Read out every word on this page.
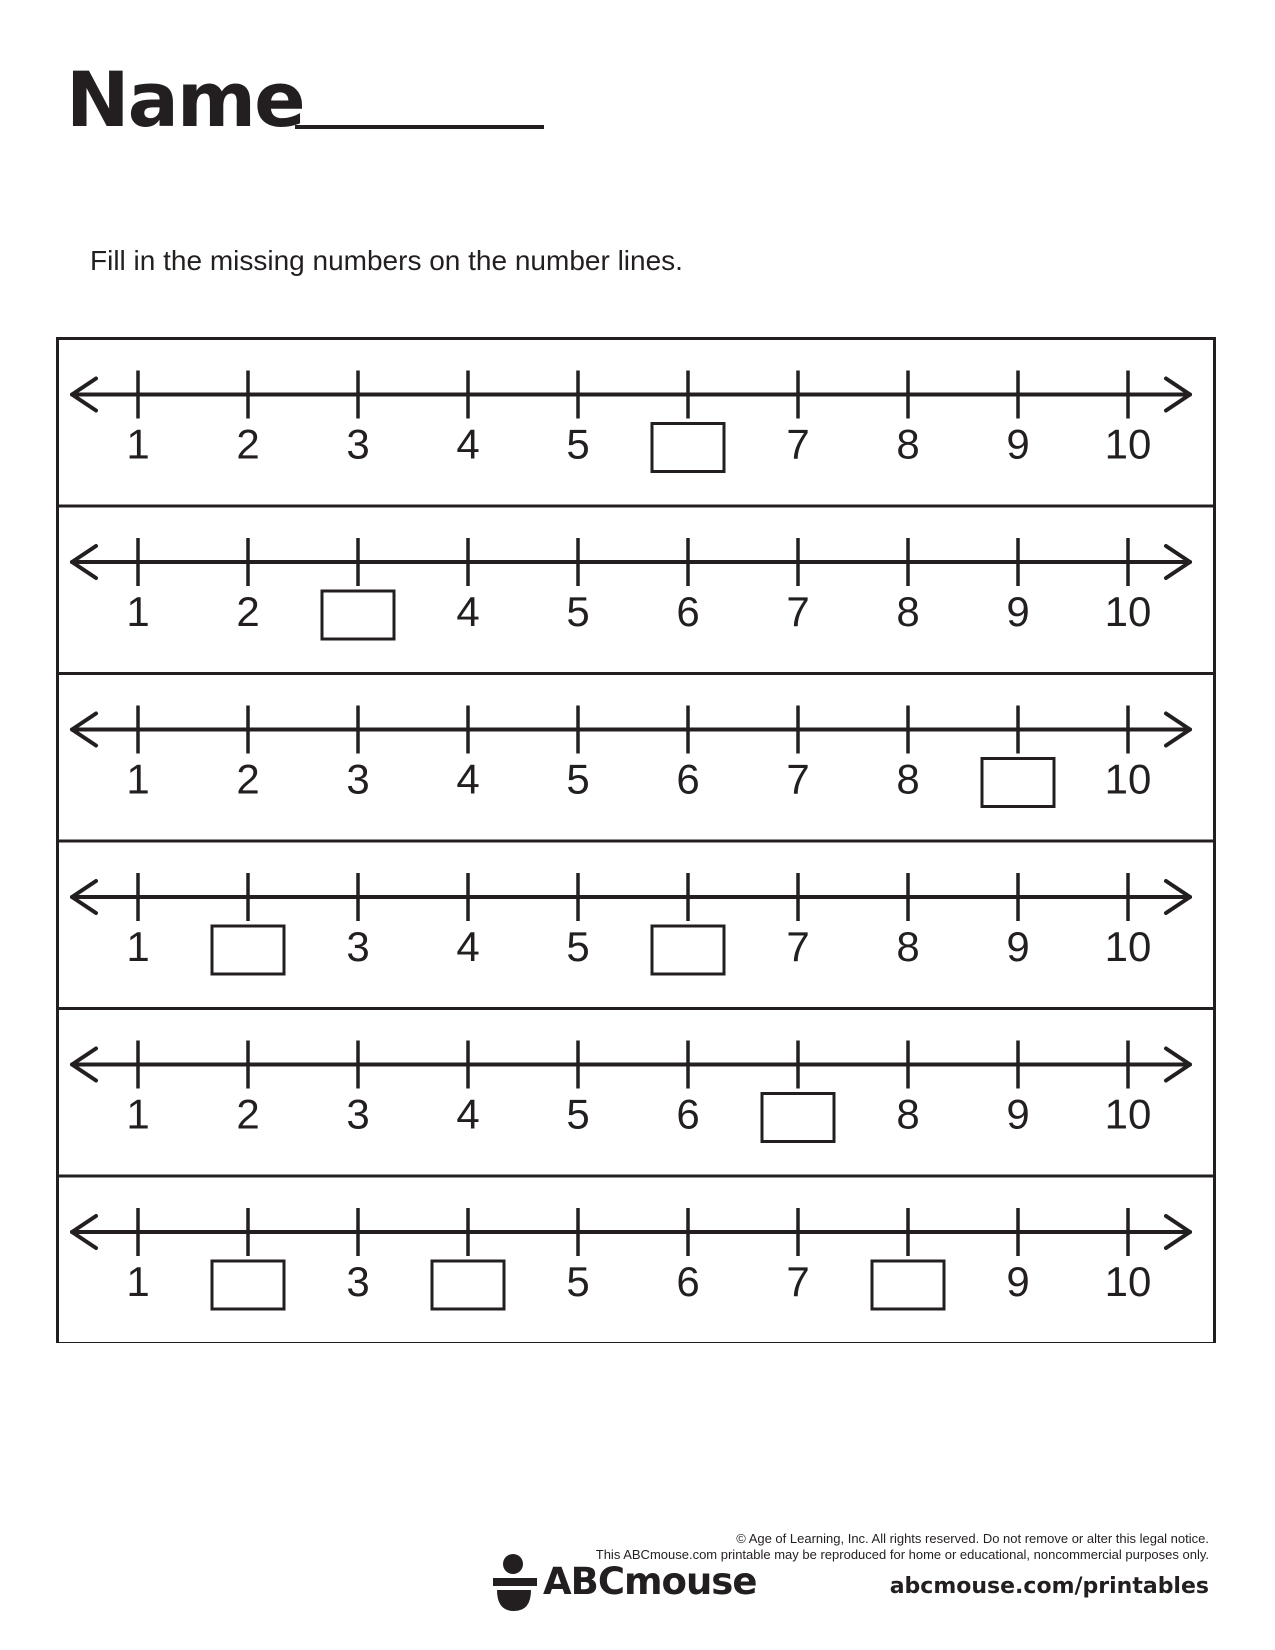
Name
Fill in the missing numbers on the number lines.
1 2 3 4 5	7 8 9 10
1 2	4 5 6 7 8 9 10
1 2 3 4 5 6 7 8	10
1	3 4 5	7 8 9 10
1 2 3 4 5 6	8 9 10
1	3	5 6 7	9 10
© Age of Learning, Inc. All rights reserved. Do not remove or alter this legal notice.
This ABCmouse.com printable may be reproduced for home or educational, noncommercial purposes only.
ABCmouse	abcmouse.com/printables
